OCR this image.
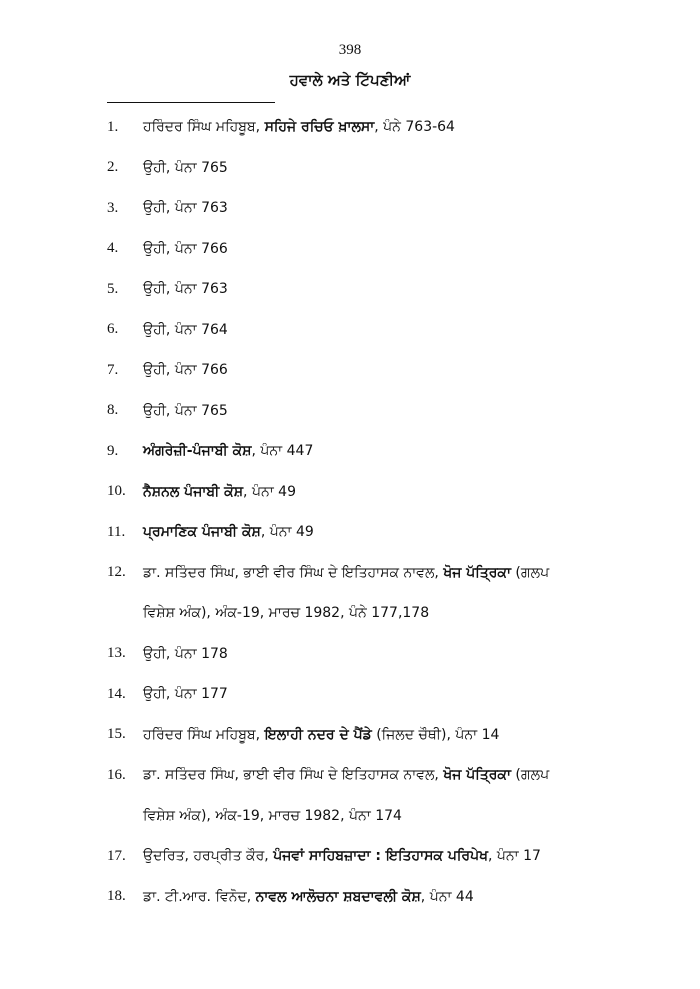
398
ਹਵਾਲੇ ਅਤੇ ਟਿੱਪਣੀਆਂ
1. ਹਰਿੰਦਰ ਸਿੰਘ ਮਹਿਬੂਬ, ਸਹਿਜੇ ਰਚਿਓ ਖ਼ਾਲਸਾ, ਪੰਨੇ 763-64
2. ਉਹੀ, ਪੰਨਾ 765
3. ਉਹੀ, ਪੰਨਾ 763
4. ਉਹੀ, ਪੰਨਾ 766
5. ਉਹੀ, ਪੰਨਾ 763
6. ਉਹੀ, ਪੰਨਾ 764
7. ਉਹੀ, ਪੰਨਾ 766
8. ਉਹੀ, ਪੰਨਾ 765
9. ਅੰਗਰੇਜ਼ੀ-ਪੰਜਾਬੀ ਕੋਸ਼, ਪੰਨਾ 447
10. ਨੈਸ਼ਨਲ ਪੰਜਾਬੀ ਕੋਸ਼, ਪੰਨਾ 49
11. ਪ੍ਰਮਾਣਿਕ ਪੰਜਾਬੀ ਕੋਸ਼, ਪੰਨਾ 49
12. ਡਾ. ਸਤਿੰਦਰ ਸਿੰਘ, ਭਾਈ ਵੀਰ ਸਿੰਘ ਦੇ ਇਤਿਹਾਸਕ ਨਾਵਲ, ਖੋਜ ਪੱਤ੍ਰਿਕਾ (ਗਲਪ
ਵਿਸ਼ੇਸ਼ ਅੰਕ), ਅੰਕ-19, ਮਾਰਚ 1982, ਪੰਨੇ 177,178
13. ਉਹੀ, ਪੰਨਾ 178
14. ਉਹੀ, ਪੰਨਾ 177
15. ਹਰਿੰਦਰ ਸਿੰਘ ਮਹਿਬੂਬ, ਇਲਾਹੀ ਨਦਰ ਦੇ ਪੈਂਡੇ (ਜਿਲਦ ਚੌਥੀ), ਪੰਨਾ 14
16. ਡਾ. ਸਤਿੰਦਰ ਸਿੰਘ, ਭਾਈ ਵੀਰ ਸਿੰਘ ਦੇ ਇਤਿਹਾਸਕ ਨਾਵਲ, ਖੋਜ ਪੱਤ੍ਰਿਕਾ (ਗਲਪ
ਵਿਸ਼ੇਸ਼ ਅੰਕ), ਅੰਕ-19, ਮਾਰਚ 1982, ਪੰਨਾ 174
17. ਉਦਰਿਤ, ਹਰਪ੍ਰੀਤ ਕੌਰ, ਪੰਜਵਾਂ ਸਾਹਿਬਜ਼ਾਦਾ : ਇਤਿਹਾਸਕ ਪਰਿਪੇਖ, ਪੰਨਾ 17
18. ਡਾ. ਟੀ.ਆਰ. ਵਿਨੋਦ, ਨਾਵਲ ਆਲੋਚਨਾ ਸ਼ਬਦਾਵਲੀ ਕੋਸ਼, ਪੰਨਾ 44
